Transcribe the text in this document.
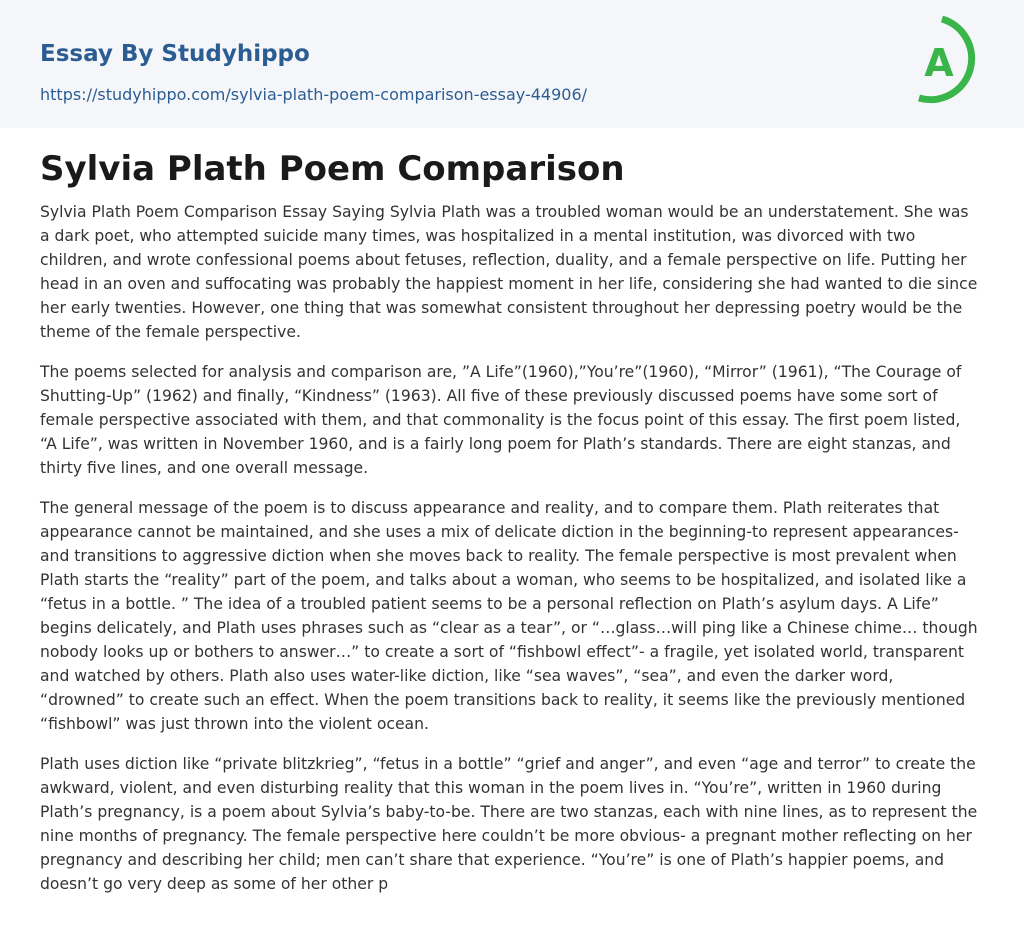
Essay By Studyhippo
https://studyhippo.com/sylvia-plath-poem-comparison-essay-44906/
A
Sylvia Plath Poem Comparison

Sylvia Plath Poem Comparison Essay Saying Sylvia Plath was a troubled woman would be an understatement. She was a dark poet, who attempted suicide many times, was hospitalized in a mental institution, was divorced with two children, and wrote confessional poems about fetuses, reflection, duality, and a female perspective on life. Putting her head in an oven and suffocating was probably the happiest moment in her life, considering she had wanted to die since her early twenties. However, one thing that was somewhat consistent throughout her depressing poetry would be the theme of the female perspective.

The poems selected for analysis and comparison are, ”A Life”(1960),”You’re”(1960), “Mirror” (1961), “The Courage of Shutting-Up” (1962) and finally, “Kindness” (1963). All five of these previously discussed poems have some sort of female perspective associated with them, and that commonality is the focus point of this essay. The first poem listed, “A Life”, was written in November 1960, and is a fairly long poem for Plath’s standards. There are eight stanzas, and thirty five lines, and one overall message.

The general message of the poem is to discuss appearance and reality, and to compare them. Plath reiterates that appearance cannot be maintained, and she uses a mix of delicate diction in the beginning-to represent appearances- and transitions to aggressive diction when she moves back to reality. The female perspective is most prevalent when Plath starts the “reality” part of the poem, and talks about a woman, who seems to be hospitalized, and isolated like a “fetus in a bottle. ” The idea of a troubled patient seems to be a personal reflection on Plath’s asylum days. A Life” begins delicately, and Plath uses phrases such as “clear as a tear”, or “…glass…will ping like a Chinese chime… though nobody looks up or bothers to answer…” to create a sort of “fishbowl effect”- a fragile, yet isolated world, transparent and watched by others. Plath also uses water-like diction, like “sea waves”, “sea”, and even the darker word, “drowned” to create such an effect. When the poem transitions back to reality, it seems like the previously mentioned “fishbowl” was just thrown into the violent ocean.

Plath uses diction like “private blitzkrieg”, “fetus in a bottle” “grief and anger”, and even “age and terror” to create the awkward, violent, and even disturbing reality that this woman in the poem lives in. “You’re”, written in 1960 during Plath’s pregnancy, is a poem about Sylvia’s baby-to-be. There are two stanzas, each with nine lines, as to represent the nine months of pregnancy. The female perspective here couldn’t be more obvious- a pregnant mother reflecting on her pregnancy and describing her child; men can’t share that experience. “You’re” is one of Plath’s happier poems, and doesn’t go very deep as some of her other p
